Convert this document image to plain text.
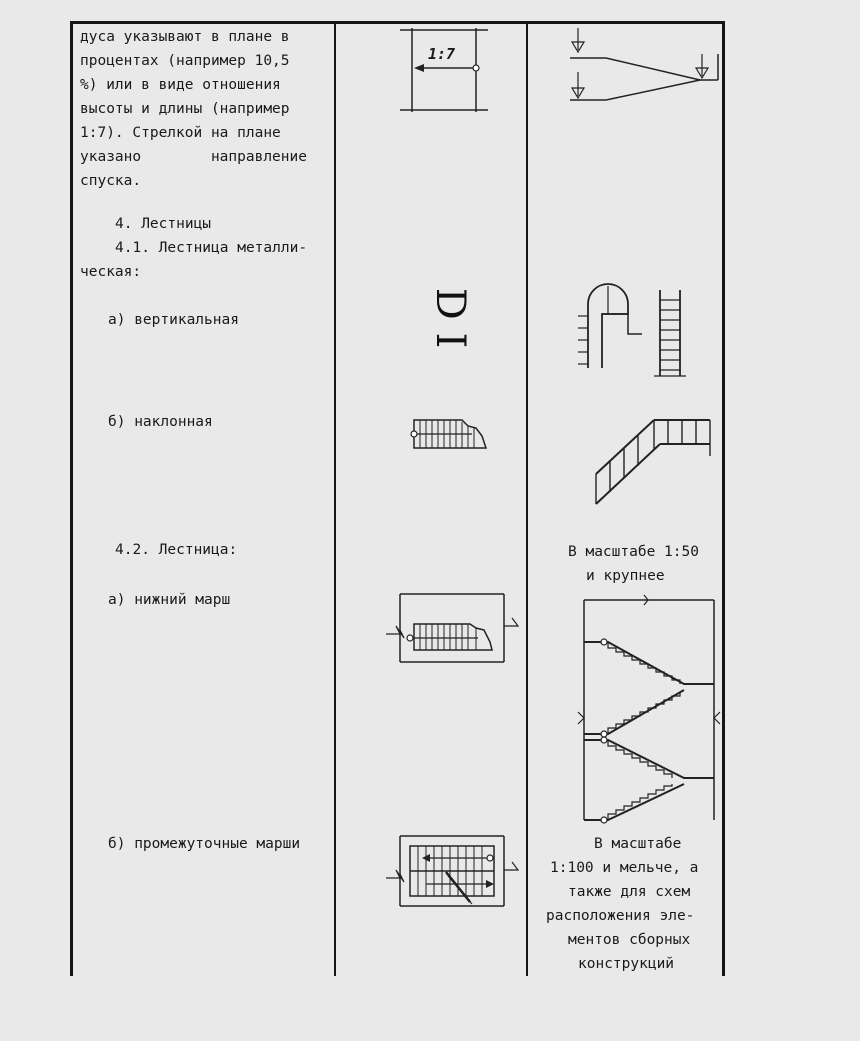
дуса указывают в плане в
процентах (например 10,5
%) или в виде отношения
высоты и длины (например
1:7). Стрелкой на плане
указано        направление
спуска.
4. Лестницы
4.1. Лестница металли-
ческая:
а) вертикальная
б) наклонная
4.2. Лестница:
а) нижний марш
б) промежуточные марши
1:7
D I
В масштабе 1:50
и крупнее
В масштабе
1:100 и мельче, а
также для схем
расположения эле-
ментов сборных
конструкций
